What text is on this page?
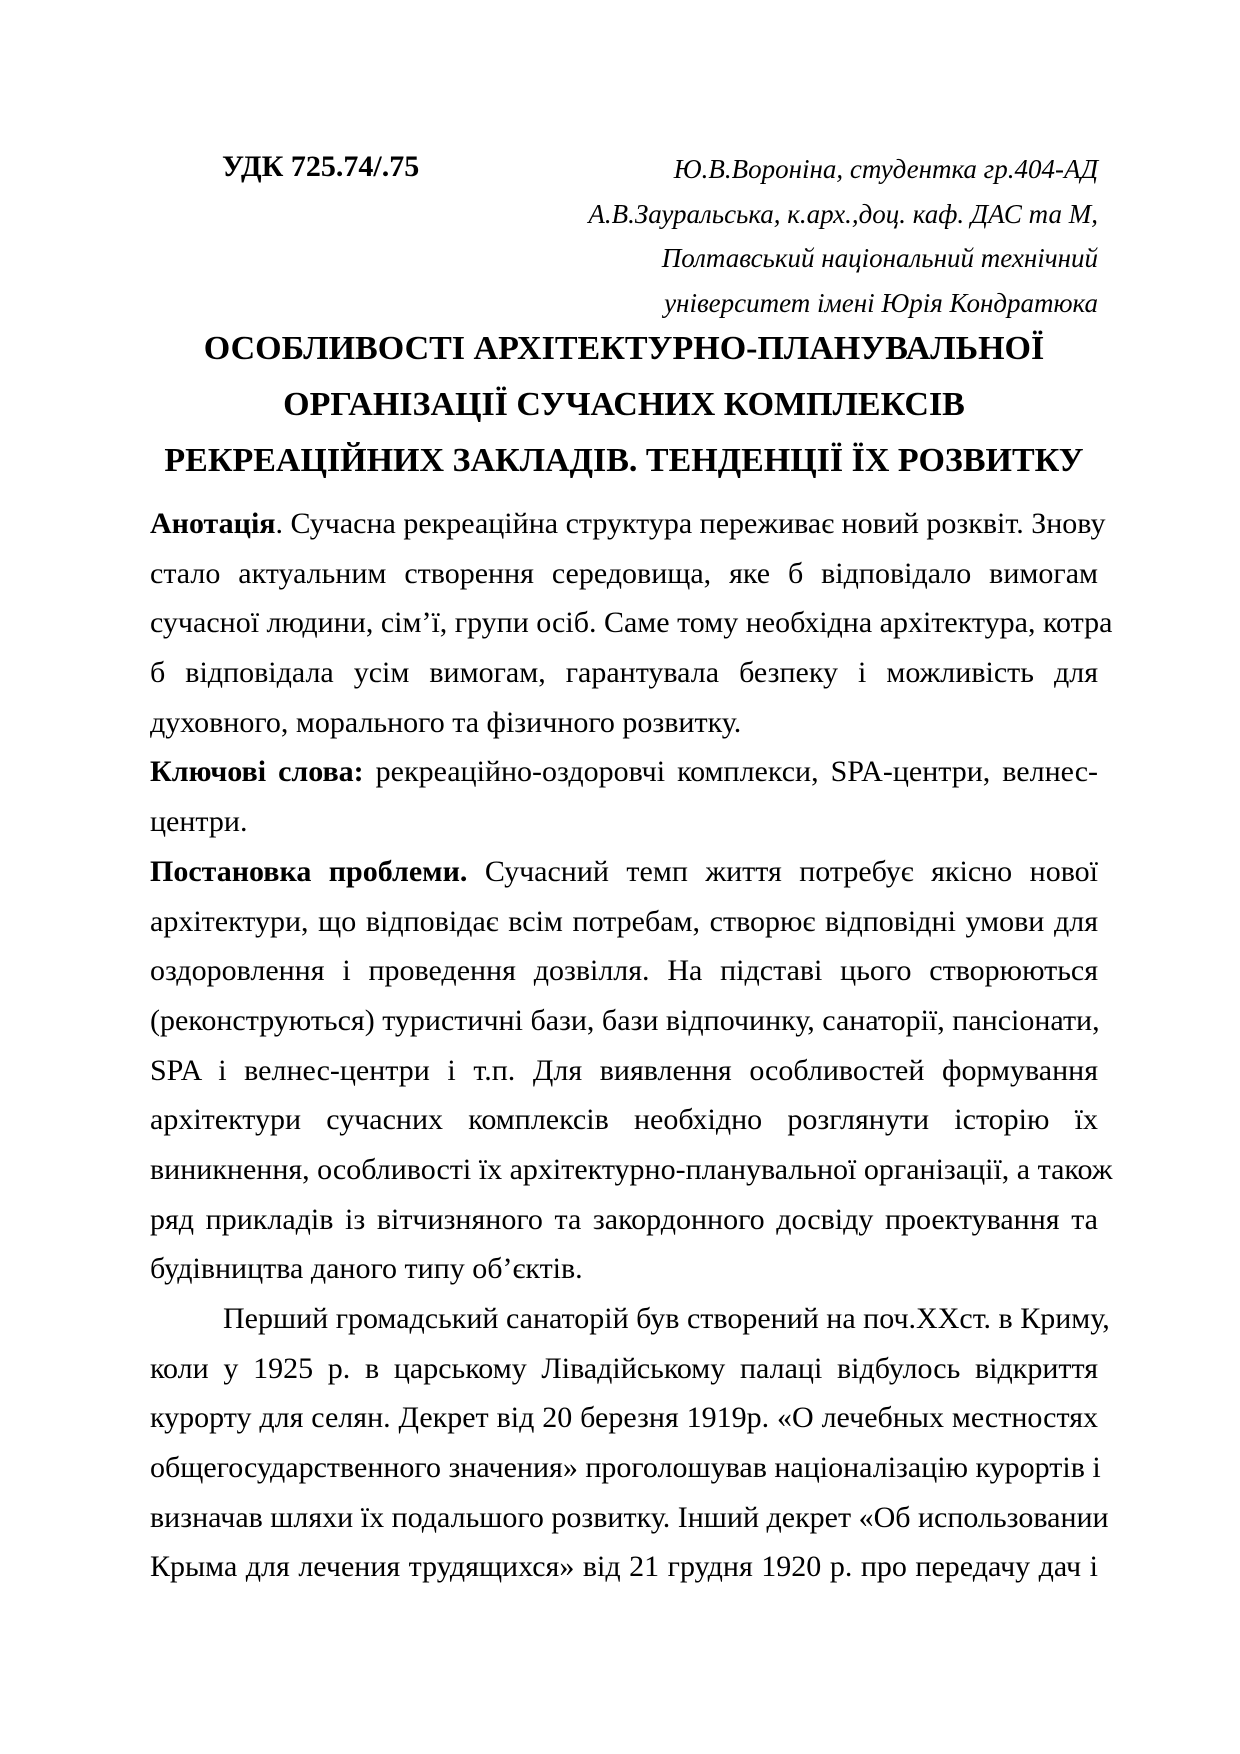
УДК 725.74/.75	Ю.В.Вороніна, студентка гр.404-АД
А.В.Зауральська, к.арх.,доц. каф. ДАС та М,
Полтавський національний технічний
університет імені Юрія Кондратюка
ОСОБЛИВОСТІ АРХІТЕКТУРНО-ПЛАНУВАЛЬНОЇ
ОРГАНІЗАЦІЇ СУЧАСНИХ КОМПЛЕКСІВ
РЕКРЕАЦІЙНИХ ЗАКЛАДІВ. ТЕНДЕНЦІЇ ЇХ РОЗВИТКУ
Анотація. Сучасна рекреаційна структура переживає новий розквіт. Знову
стало актуальним створення середовища, яке б відповідало вимогам
сучасної людини, сім’ї, групи осіб. Саме тому необхідна архітектура, котра
б відповідала усім вимогам, гарантувала безпеку і можливість для
духовного, морального та фізичного розвитку.
Ключові слова: рекреаційно-оздоровчі комплекси, SPA-центри, велнес-
центри.
Постановка проблеми. Сучасний темп життя потребує якісно нової
архітектури, що відповідає всім потребам, створює відповідні умови для
оздоровлення і проведення дозвілля. На підставі цього створюються
(реконструються) туристичні бази, бази відпочинку, санаторії, пансіонати,
SPA і велнес-центри і т.п. Для виявлення особливостей формування
архітектури сучасних комплексів необхідно розглянути історію їх
виникнення, особливості їх архітектурно-планувальної організації, а також
ряд прикладів із вітчизняного та закордонного досвіду проектування та
будівництва даного типу об’єктів.
Перший громадський санаторій був створений на поч.XXст. в Криму,
коли у 1925 р. в царському Лівадійському палаці відбулось відкриття
курорту для селян. Декрет від 20 березня 1919р. «О лечебных местностях
общегосударственного значения» проголошував націоналізацію курортів і
визначав шляхи їх подальшого розвитку. Інший декрет «Об использовании
Крыма для лечения трудящихся» від 21 грудня 1920 р. про передачу дач і
